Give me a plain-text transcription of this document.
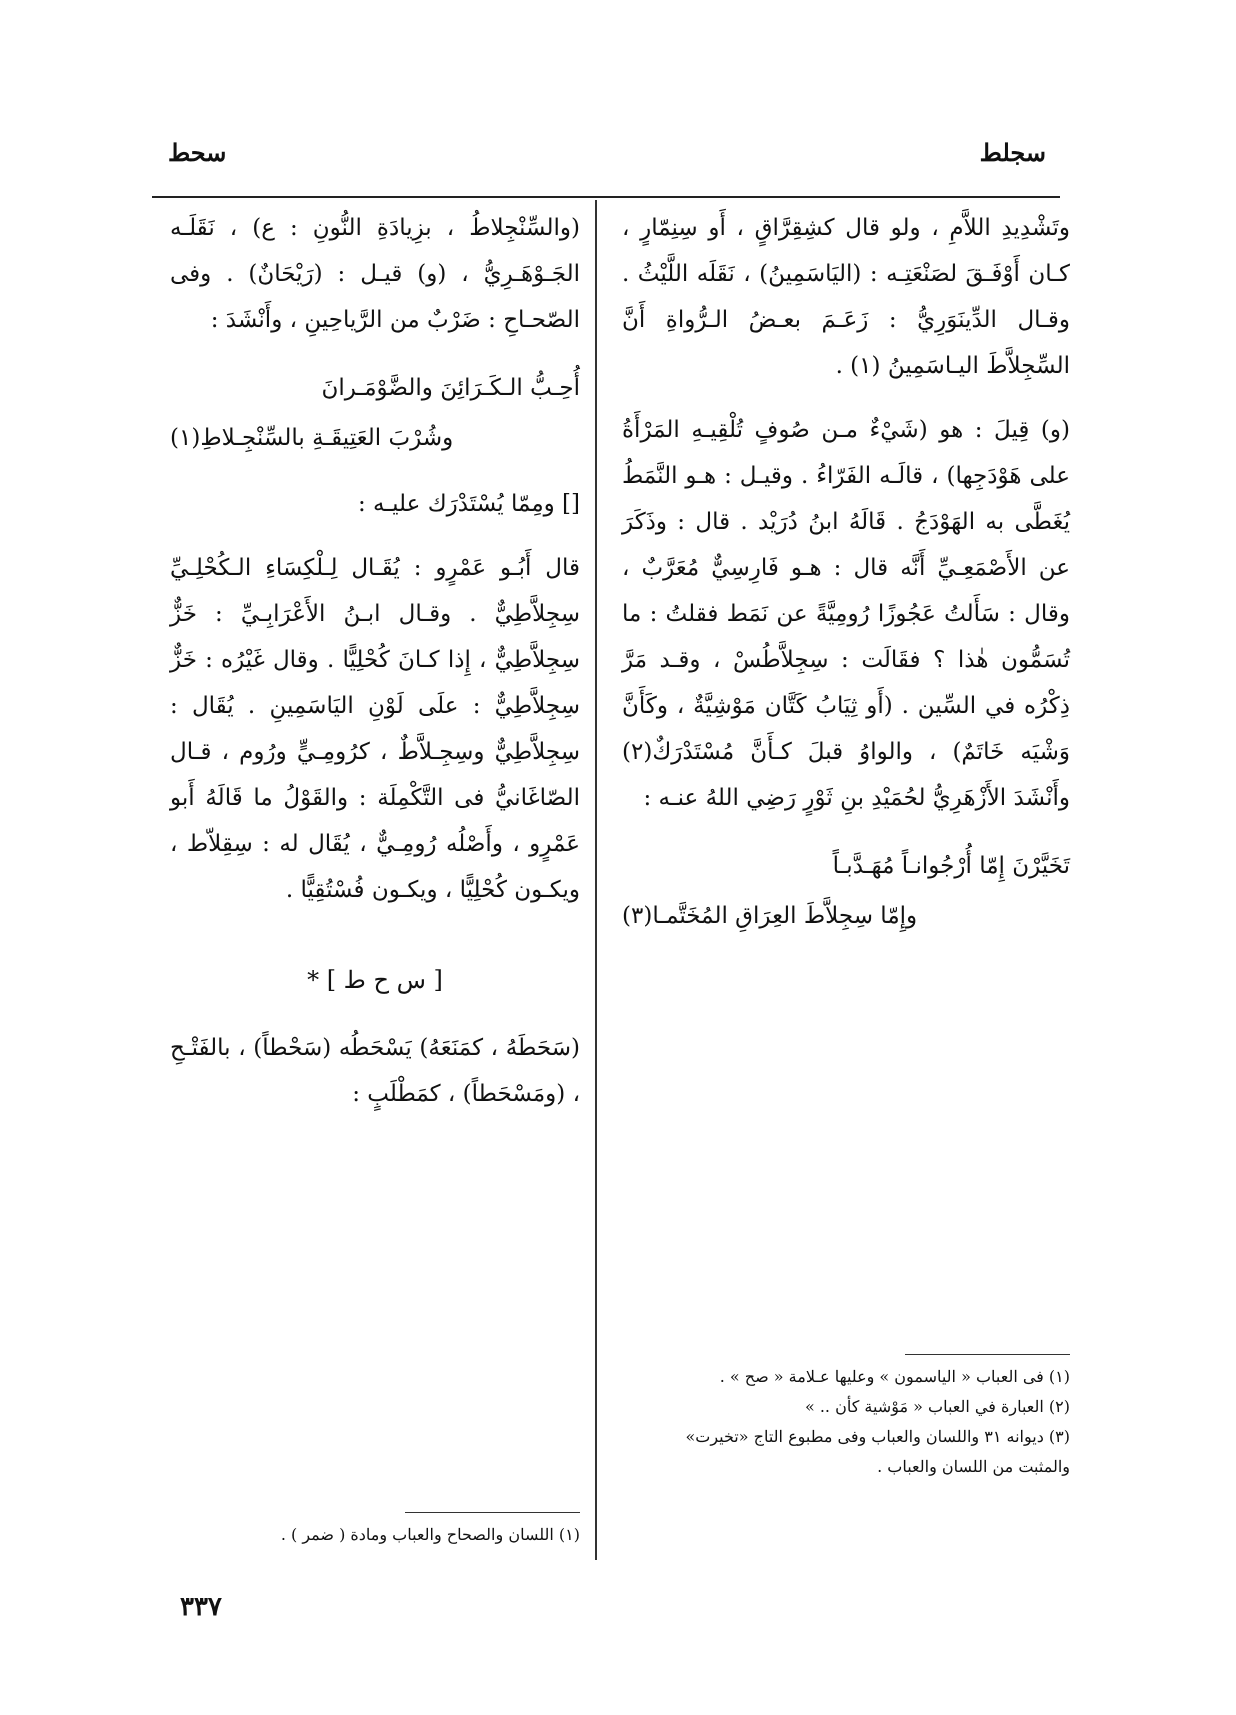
سجلط
سحط

وتَشْدِيدِ اللاَّمِ ، ولو قال كشِقِرَّاقٍ ، أَو سِنِمّارٍ ، كـان أَوْفَـقَ لصَنْعَتِـه : (اليَاسَمِينُ) ، نَقَلَه اللَّيْثُ . وقـال الدِّينَوَرِيُّ : زَعَـمَ بعـضُ الـرُّواةِ أَنَّ السِّجِلاَّطَ اليـاسَمِينُ (١) .

(و) قِيلَ : هو (شَيْءٌ مـن صُوفٍ تُلْقِيـهِ المَرْأَةُ على هَوْدَجِها) ، قالَـه الفَرّاءُ . وقيـل : هـو النَّمَطُ يُغَطَّى به الهَوْدَجُ . قَالَهُ ابنُ دُرَيْد . قال : وذَكَرَ عن الأَصْمَعِـيِّ أَنَّه قال : هـو فَارِسِيٌّ مُعَرَّبٌ ، وقال : سَأَلتُ عَجُوزًا رُومِيَّةً عن نَمَط فقلتُ : ما تُسَمُّون هٰذا ؟ فقَالَت : سِجِلاَّطُسْ ، وقـد مَرَّ ذِكْرُه في السِّين . (أَو ثِيَابُ كَتَّان مَوْشِيَّةٌ ، وكَأَنَّ وَشْيَه خَاتَمٌ) ، والواوُ قبلَ كـأَنَّ مُسْتَدْرَكٌ(٢) وأَنْشَدَ الأَزْهَرِيُّ لحُمَيْدِ بنِ ثَوْرٍ رَضِي اللهُ عنـه :

تَخَيَّرْنَ إِمّا أُرْجُوانـاً مُهَـدَّبـاً
وإِمّا سِجِلاَّطَ العِرَاقِ المُخَتَّمـا(٣)
(١) فى العباب « الياسمون » وعليها عـلامة « صح » .
(٢) العبارة في العباب « مَوْشية كأن .. »
(٣) ديوانه ٣١ واللسان والعباب وفى مطبوع التاج «تخيرت» والمثبت من اللسان والعباب .

(والسِّنْجِلاطُ ، بزِيادَةِ النُّونِ : ع) ، نَقَلَـه الجَـوْهَـرِيُّ ، (و) قيـل : (رَيْحَانٌ) . وفى الصّحـاحِ : ضَرْبٌ من الرَّياحِينِ ، وأَنْشَدَ :

أُحِـبُّ الـكَـرَائِنَ والضَّوْمَـرانَ
وشُرْبَ العَتِيقَـةِ بالسِّنْجِـلاطِ(١)

[] ومِمّا يُسْتَدْرَك عليـه :

قال أَبُـو عَمْرٍو : يُقَـال لِـلْكِسَاءِ الـكُحْلِـيِّ سِجِلاَّطِيٌّ . وقـال ابـنُ الأَعْرَابِـيِّ : خَزٌّ سِجِلاَّطِيٌّ ، إِذا كـانَ كُحْلِيًّا . وقال غَيْرُه : خَزٌّ سِجِلاَّطِيٌّ : علَى لَوْنِ اليَاسَمِينِ . يُقَال : سِجِلاَّطِيٌّ وسِجِـلاَّطٌ ، كرُومِـيٍّ ورُوم ، قـال الصّاغَانيُّ فى التَّكْمِلَة : والقَوْلُ ما قَالَهُ أَبو عَمْرٍو ، وأَصْلُه رُومِـيٌّ ، يُقَال له : سِقِلاّط ، ويكـون كُحْلِيًّا ، ويكـون فُسْتُقِيًّا .

[ س ح ط ] *

(سَحَطَهُ ، كمَنَعَهُ) يَسْحَطُه (سَحْطاً) ، بالفَتْـحِ ، (ومَسْحَطاً) ، كمَطْلَبٍ :

(١) اللسان والصحاح والعباب ومادة ( ضمر ) .
٣٣٧
